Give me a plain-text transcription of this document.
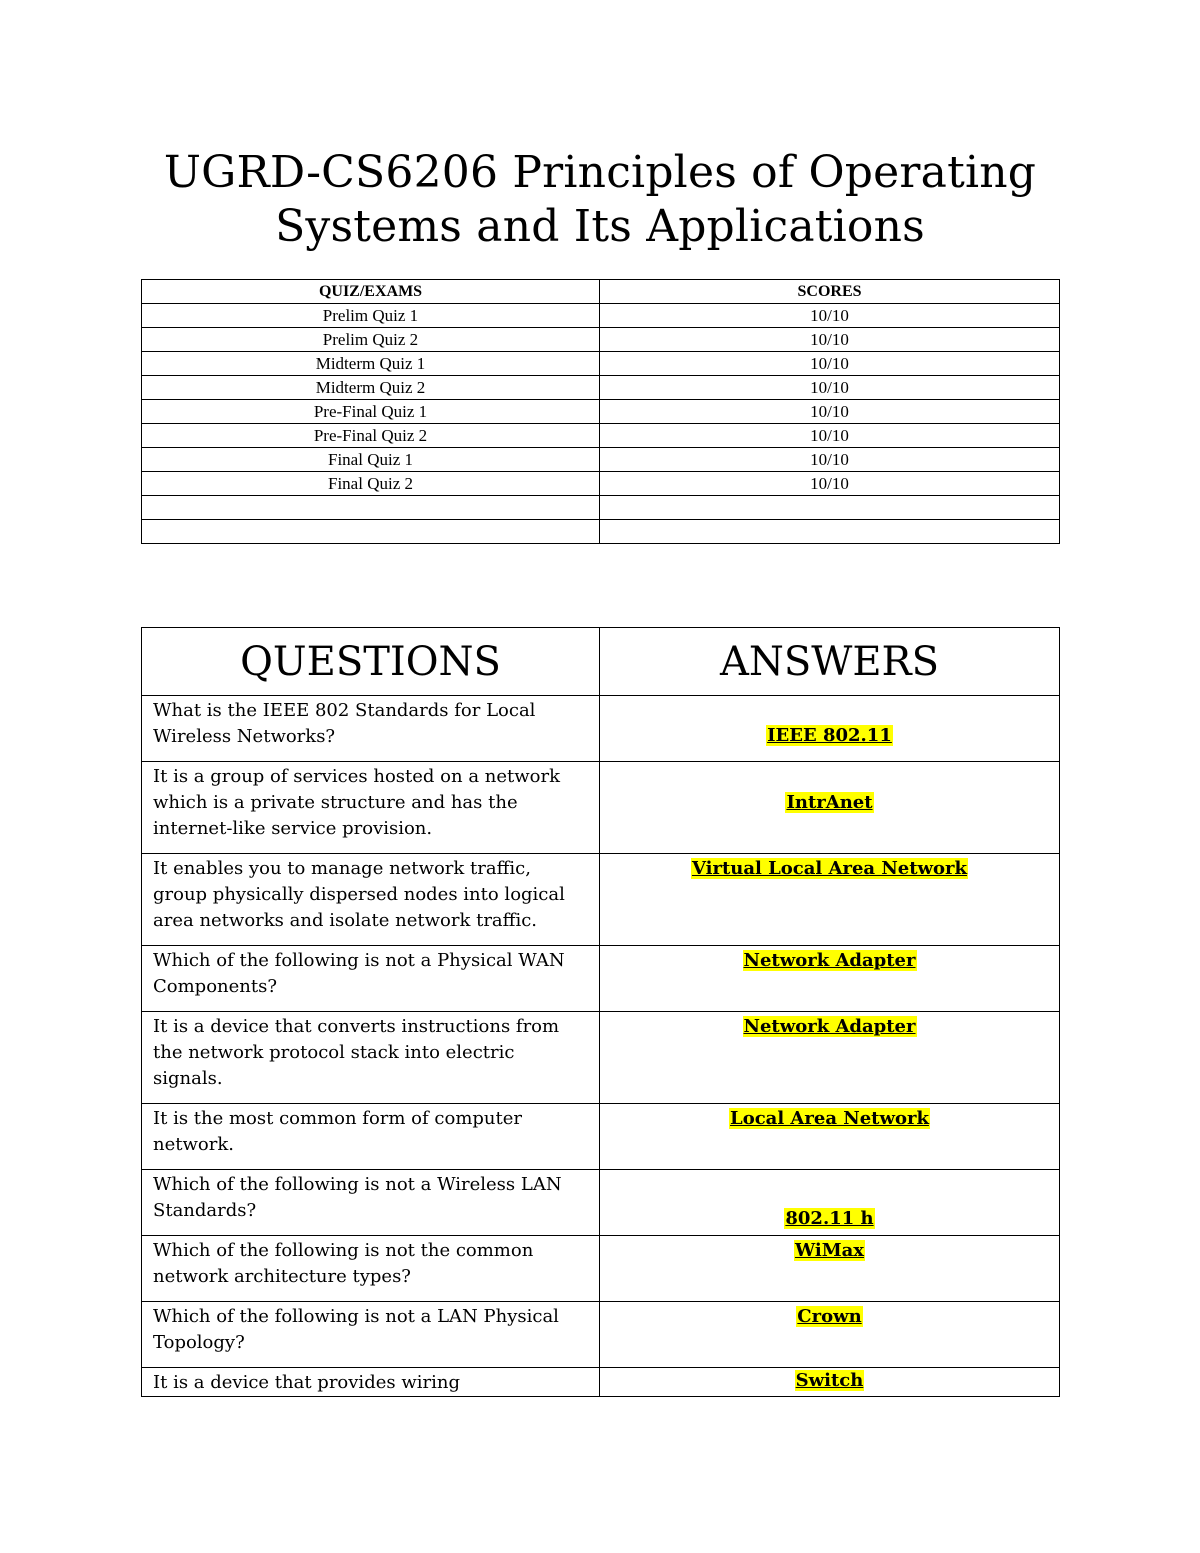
UGRD-CS6206 Principles of Operating
Systems and Its Applications
QUIZ/EXAMS	SCORES
Prelim Quiz 1	10/10
Prelim Quiz 2	10/10
Midterm Quiz 1	10/10
Midterm Quiz 2	10/10
Pre-Final Quiz 1	10/10
Pre-Final Quiz 2	10/10
Final Quiz 1	10/10
Final Quiz 2	10/10

QUESTIONS	ANSWERS
What is the IEEE 802 Standards for Local Wireless Networks?	IEEE 802.11
It is a group of services hosted on a network which is a private structure and has the internet-like service provision.	IntrAnet
It enables you to manage network traffic, group physically dispersed nodes into logical area networks and isolate network traffic.	Virtual Local Area Network
Which of the following is not a Physical WAN Components?	Network Adapter
It is a device that converts instructions from the network protocol stack into electric signals.	Network Adapter
It is the most common form of computer network.	Local Area Network
Which of the following is not a Wireless LAN Standards?	802.11 h
Which of the following is not the common network architecture types?	WiMax
Which of the following is not a LAN Physical Topology?	Crown
It is a device that provides wiring	Switch
